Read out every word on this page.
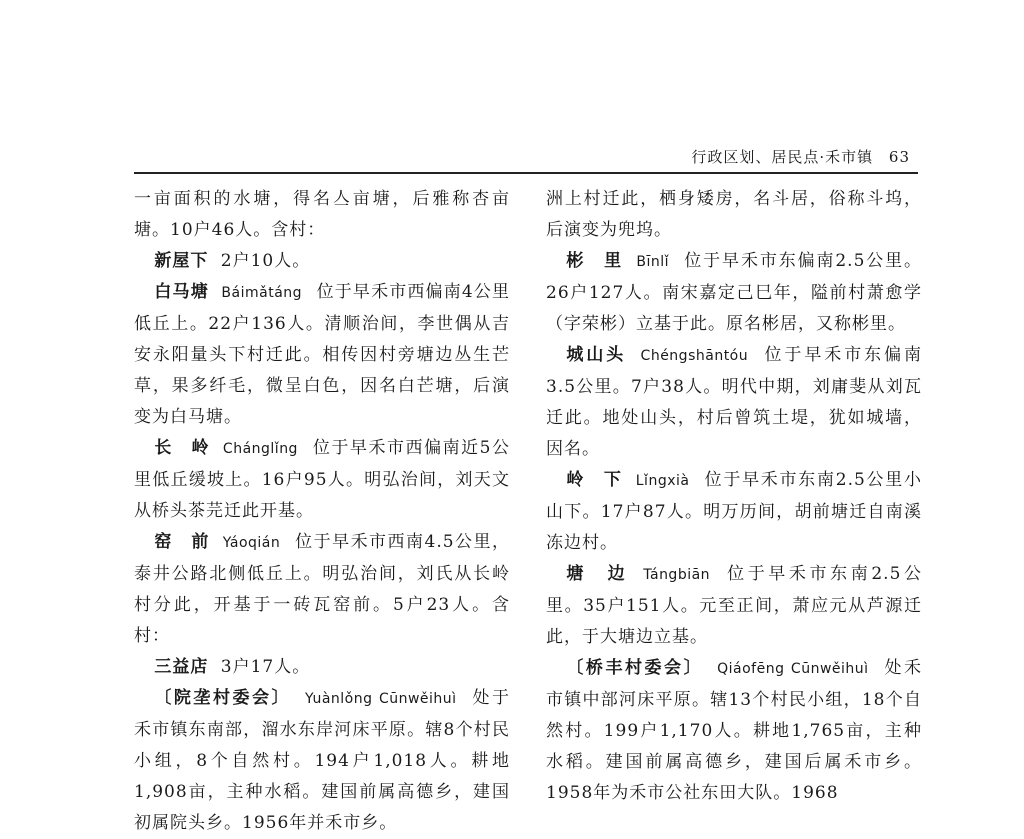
行政区划、居民点·禾市镇 63

一亩面积的水塘，得名亼亩塘，后雅称杏亩塘。10户46人。含村：

新屋下 2户10人。

白马塘 Báimǎtáng 位于早禾市西偏南4公里低丘上。22户136人。清顺治间，李世偶从吉安永阳量头下村迁此。相传因村旁塘边丛生芒草，果多纤毛，微呈白色，因名白芒塘，后演变为白马塘。

长　岭 Chánglǐng 位于早禾市西偏南近5公里低丘缓坡上。16户95人。明弘治间，刘天文从桥头茶芫迁此开基。

窑　前 Yáoqián 位于早禾市西南4.5公里，泰井公路北侧低丘上。明弘治间，刘氏从长岭村分此，开基于一砖瓦窑前。5户23人。含村：

三益店 3户17人。

〔院垄村委会〕 Yuànlǒng Cūnwěihuì 处于禾市镇东南部，溜水东岸河床平原。辖8个村民小组，8个自然村。194户1,018人。耕地1,908亩，主种水稻。建国前属高德乡，建国初属院头乡。1956年并禾市乡。

洲上村迁此，栖身矮房，名斗居，俗称斗坞，后演变为兜坞。

彬　里 Bīnlǐ 位于早禾市东偏南2.5公里。26户127人。南宋嘉定己巳年，隘前村萧愈学（字荣彬）立基于此。原名彬居，又称彬里。

城山头 Chéngshāntóu 位于早禾市东偏南3.5公里。7户38人。明代中期，刘庸斐从刘瓦迁此。地处山头，村后曾筑土堤，犹如城墙，因名。

岭　下 Lǐngxià 位于早禾市东南2.5公里小山下。17户87人。明万历间，胡前塘迁自南溪冻边村。

塘　边 Tángbiān 位于早禾市东南2.5公里。35户151人。元至正间，萧应元从芦源迁此，于大塘边立基。

〔桥丰村委会〕 Qiáofēng Cūnwěihuì 处禾市镇中部河床平原。辖13个村民小组，18个自然村。199户1,170人。耕地1,765亩，主种水稻。建国前属高德乡，建国后属禾市乡。1958年为禾市公社东田大队。1968
